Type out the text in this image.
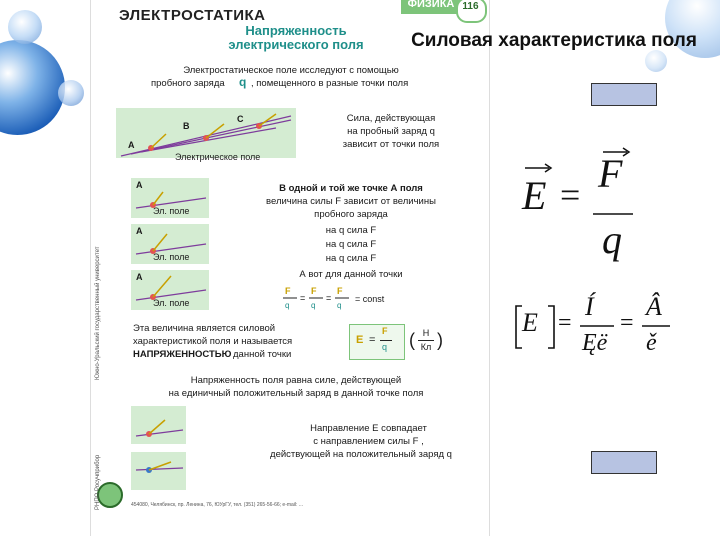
ЭЛЕКТРОСТАТИКА
ФИЗИКА 116
Напряженность
электрического поля
Электростатическое поле исследуют с помощью
пробного заряда q , помещенного в разные точки поля
A
B
C
Электрическое поле
Сила, действующая
на пробный заряд q
зависит от точки поля
A
Эл. поле
A
Эл. поле
A
Эл. поле
В одной и той же точке А поля
величина силы F зависит от величины
пробного заряда
на q сила F
на q сила F
на q сила F
А вот для данной точки
F
q
=
F
q
=
F
q
= const
Эта величина является силовой
характеристикой поля и называется
НАПРЯЖЕННОСТЬЮ данной точки
E =
F
q ( Н
Кл )
Напряженность поля равна силе, действующей
на единичный положительный заряд в данной точке поля
Направление E совпадает
с направлением силы F ,
действующей на положительный заряд q
454080, Челябинск, пр. Ленина, 76, ЮУрГУ, тел. (351) 265-56-66; e-mail: ...
Южно-Уральский государственный университет
РНПО Росучприбор
Силовая характеристика поля
E = F
q
E =
Í
Ęë
=
Â
ě
